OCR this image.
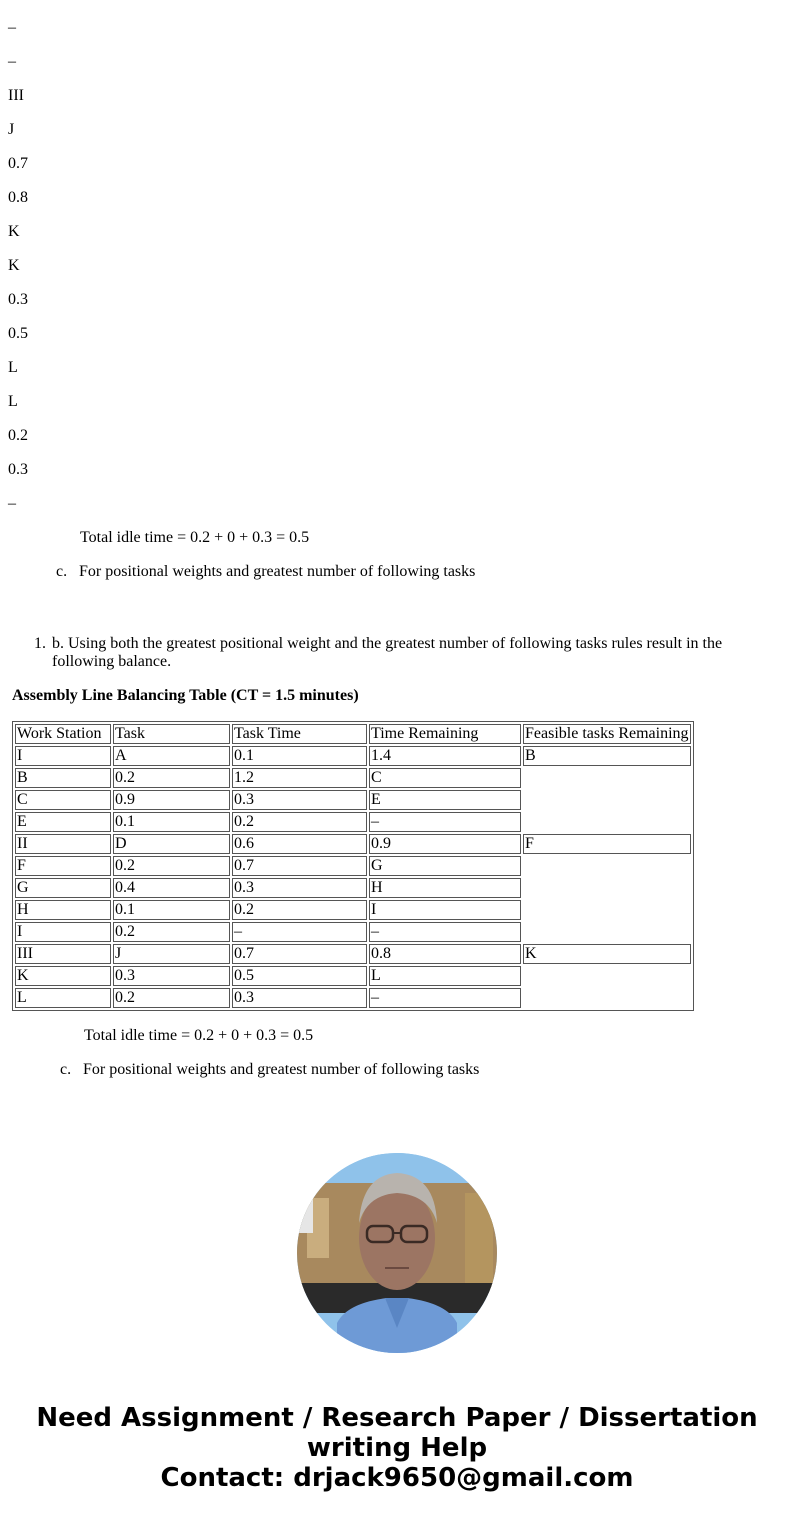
–

–

III

J

0.7

0.8

K

K

0.3

0.5

L

L

0.2

0.3

–

Total idle time = 0.2 + 0 + 0.3 = 0.5

c. For positional weights and greatest number of following tasks

1. b. Using both the greatest positional weight and the greatest number of following tasks rules result in the following balance.

Assembly Line Balancing Table (CT = 1.5 minutes)

Work Station	Task	Task Time	Time Remaining	Feasible tasks Remaining
I	A	0.1	1.4	B
B	0.2	1.2	C	
C	0.9	0.3	E	
E	0.1	0.2	–	
II	D	0.6	0.9	F
F	0.2	0.7	G	
G	0.4	0.3	H	
H	0.1	0.2	I	
I	0.2	–	–	
III	J	0.7	0.8	K
K	0.3	0.5	L	
L	0.2	0.3	–	

Total idle time = 0.2 + 0 + 0.3 = 0.5

c. For positional weights and greatest number of following tasks

Need Assignment / Research Paper / Dissertation
writing Help
Contact: drjack9650@gmail.com
